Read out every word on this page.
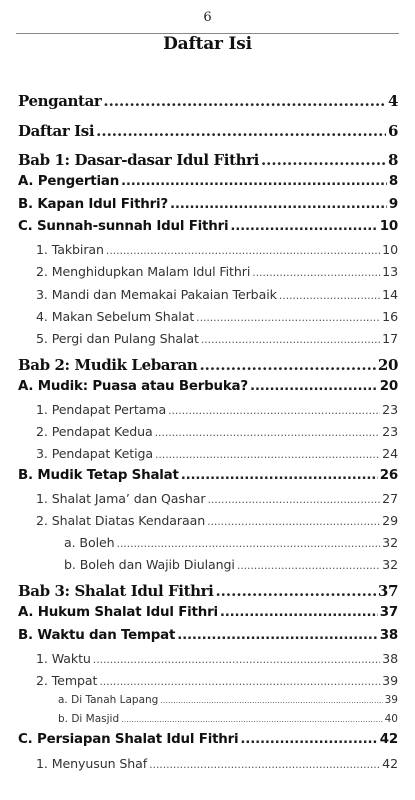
6
Daftar Isi
Pengantar .....	4
Daftar Isi .....	6
Bab 1: Dasar-dasar Idul Fithri .....	8
A. Pengertian .....	8
B. Kapan Idul Fithri? .....	9
C. Sunnah-sunnah Idul Fithri .....	10
1. Takbiran .....	10
2. Menghidupkan Malam Idul Fithri .....	13
3. Mandi dan Memakai Pakaian Terbaik .....	14
4. Makan Sebelum Shalat .....	16
5. Pergi dan Pulang Shalat .....	17
Bab 2: Mudik Lebaran .....	20
A. Mudik: Puasa atau Berbuka? .....	20
1. Pendapat Pertama .....	23
2. Pendapat Kedua .....	23
3. Pendapat Ketiga .....	24
B. Mudik Tetap Shalat .....	26
1. Shalat Jama’ dan Qashar .....	27
2. Shalat Diatas Kendaraan .....	29
a. Boleh .....	32
b. Boleh dan Wajib Diulangi .....	32
Bab 3: Shalat Idul Fithri .....	37
A. Hukum Shalat Idul Fithri .....	37
B. Waktu dan Tempat .....	38
1. Waktu .....	38
2. Tempat .....	39
a. Di Tanah Lapang .....	39
b. Di Masjid .....	40
C. Persiapan Shalat Idul Fithri .....	42
1. Menyusun Shaf .....	42
